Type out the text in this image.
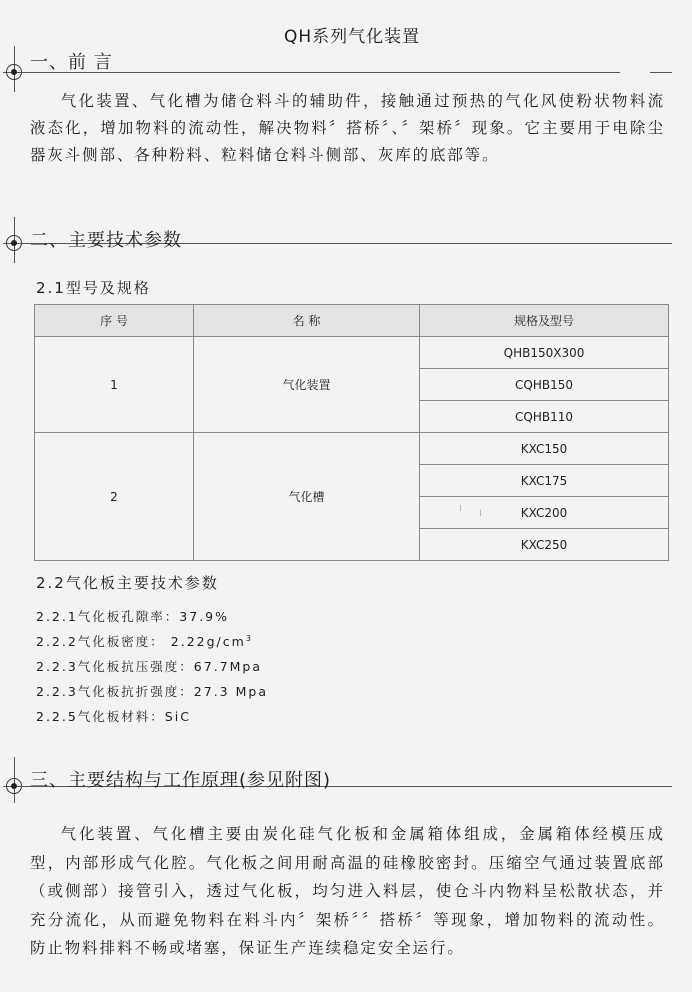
QH系列气化装置
一、前 言

气化装置、气化槽为储仓料斗的辅助件，接触通过预热的气化风使粉状物料流液态化，增加物料的流动性，解决物料〞搭桥〞、〞架桥〞现象。它主要用于电除尘器灰斗侧部、各种粉料、粒料储仓料斗侧部、灰库的底部等。

二、主要技术参数
2.1型号及规格
序 号	名 称	规格及型号
1	气化装置	QHB150X300
		CQHB150
		CQHB110
2	气化槽	KXC150
		KXC175
		KXC200
		KXC250
2.2气化板主要技术参数
2.2.1气化板孔隙率：37.9%
2.2.2气化板密度： $2.22g/cm^3$
2.2.3气化板抗压强度：67.7Mpa
2.2.3气化板抗折强度：27.3 Mpa
2.2.5气化板材料：SiC
三、主要结构与工作原理(参见附图)

气化装置、气化槽主要由炭化硅气化板和金属箱体组成，金属箱体经模压成型，内部形成气化腔。气化板之间用耐高温的硅橡胶密封。压缩空气通过装置底部（或侧部）接管引入，透过气化板，均匀进入料层，使仓斗内物料呈松散状态，并充分流化，从而避免物料在料斗内〞架桥〞〞搭桥〞等现象，增加物料的流动性。防止物料排料不畅或堵塞，保证生产连续稳定安全运行。
